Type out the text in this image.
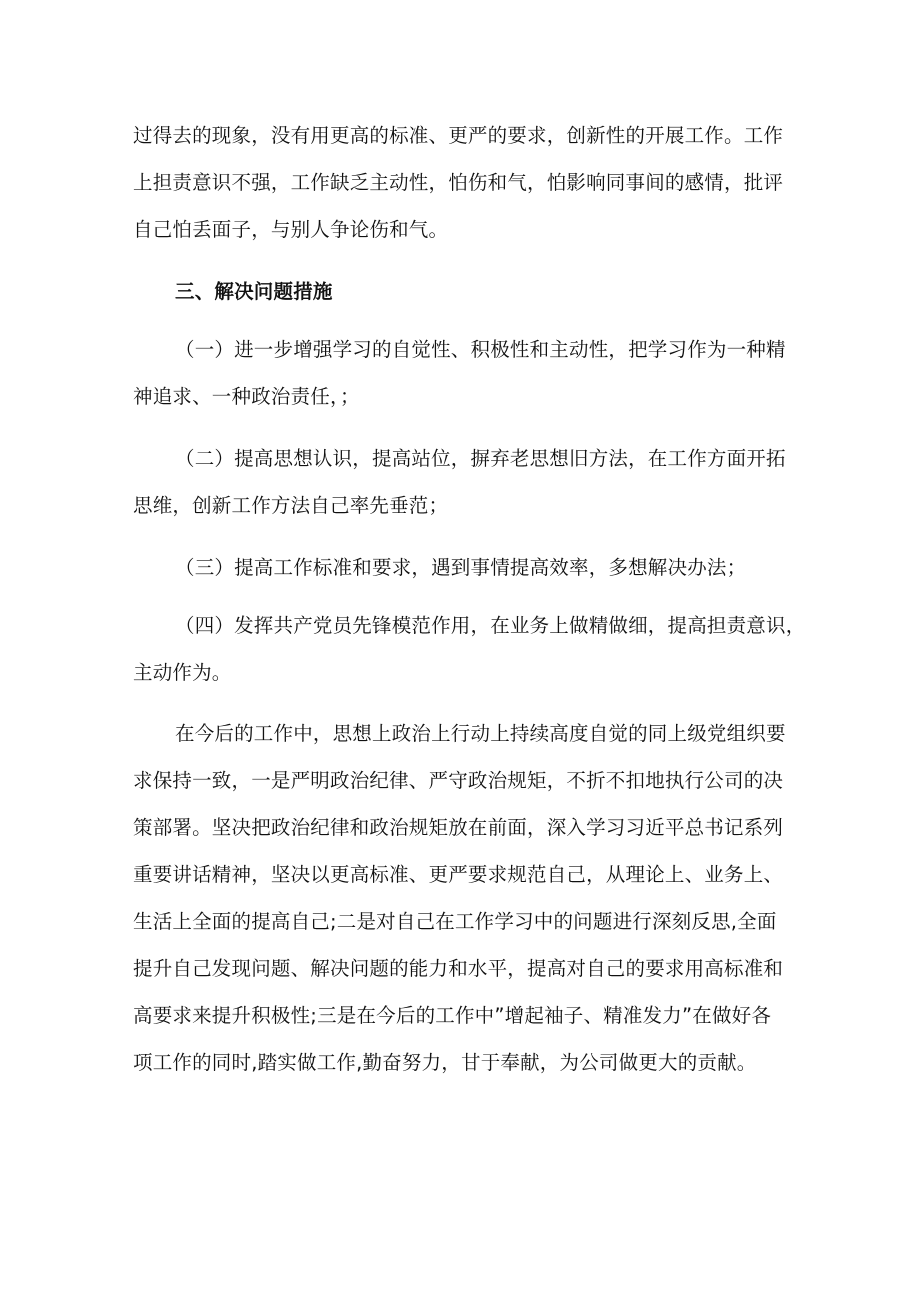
过得去的现象，没有用更高的标准、更严的要求，创新性的开展工作。工作
上担责意识不强，工作缺乏主动性，怕伤和气，怕影响同事间的感情，批评
自己怕丢面子，与别人争论伤和气。

三、解决问题措施

（一）进一步增强学习的自觉性、积极性和主动性，把学习作为一种精
神追求、一种政治责任，；

（二）提高思想认识，提高站位，摒弃老思想旧方法，在工作方面开拓
思维，创新工作方法自己率先垂范；

（三）提高工作标准和要求，遇到事情提高效率，多想解决办法；

（四）发挥共产党员先锋模范作用，在业务上做精做细，提高担责意识，
主动作为。

在今后的工作中，思想上政治上行动上持续高度自觉的同上级党组织要
求保持一致，一是严明政治纪律、严守政治规矩，不折不扣地执行公司的决
策部署。坚决把政治纪律和政治规矩放在前面，深入学习习近平总书记系列
重要讲话精神，坚决以更高标准、更严要求规范自己，从理论上、业务上、
生活上全面的提高自己;二是对自己在工作学习中的问题进行深刻反思,全面
提升自己发现问题、解决问题的能力和水平，提高对自己的要求用高标准和
高要求来提升积极性;三是在今后的工作中”增起袖子、精准发力”在做好各
项工作的同时,踏实做工作,勤奋努力，甘于奉献，为公司做更大的贡献。
